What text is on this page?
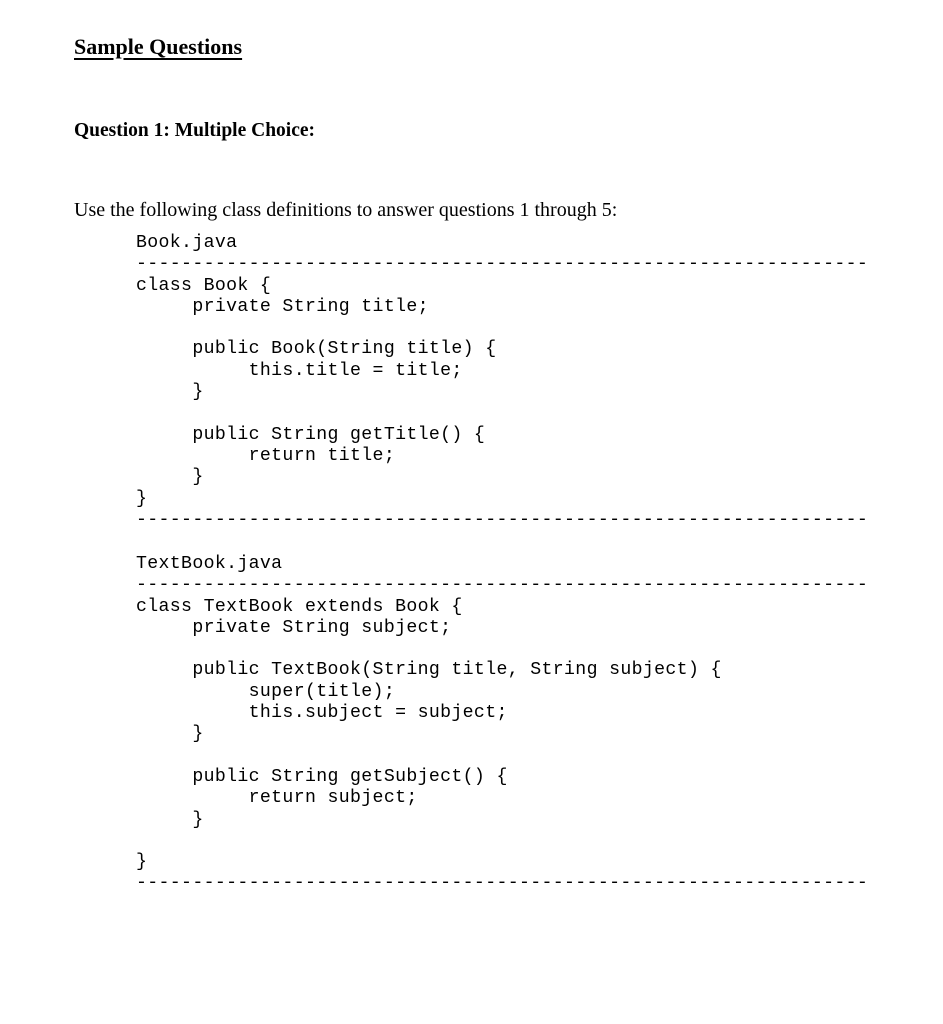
Sample Questions
Question 1: Multiple Choice:
Use the following class definitions to answer questions 1 through 5:
Book.java
-----------------------------------------------------------------
class Book {
private String title;

public Book(String title) {
this.title = title;
}

public String getTitle() {
return title;
}
}
-----------------------------------------------------------------
TextBook.java
-----------------------------------------------------------------
class TextBook extends Book {
private String subject;

public TextBook(String title, String subject) {
super(title);
this.subject = subject;
}

public String getSubject() {
return subject;
}

}
-----------------------------------------------------------------
